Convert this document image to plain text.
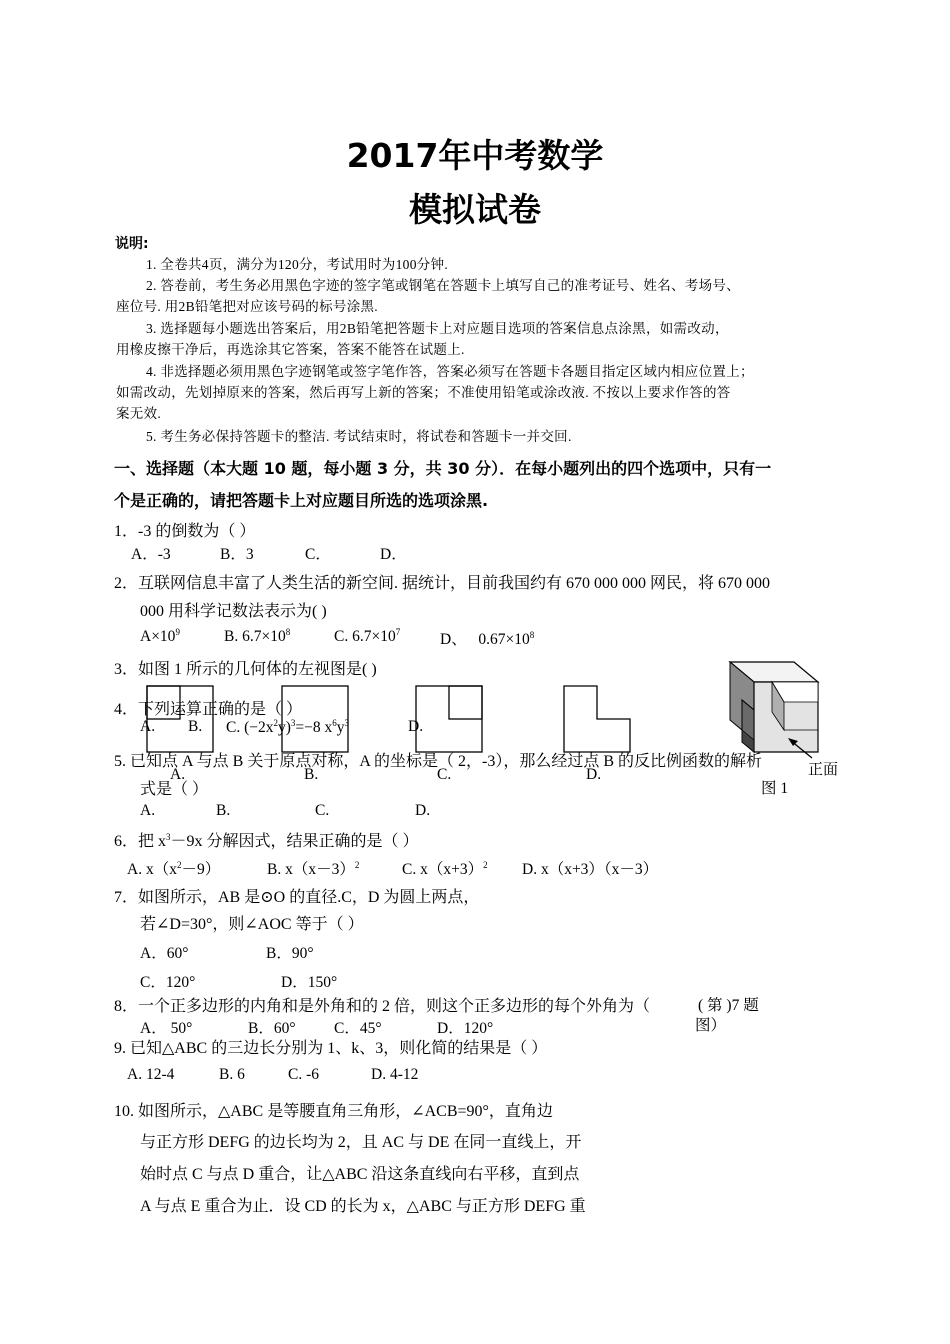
2017年中考数学
模拟试卷
说明:
1. 全卷共4页，满分为120分，考试用时为100分钟.
2. 答卷前，考生务必用黑色字迹的签字笔或钢笔在答题卡上填写自己的准考证号、姓名、考场号、
座位号. 用2B铅笔把对应该号码的标号涂黑.
3. 选择题每小题选出答案后，用2B铅笔把答题卡上对应题目选项的答案信息点涂黑，如需改动，
用橡皮擦干净后，再选涂其它答案，答案不能答在试题上.
4. 非选择题必须用黑色字迹钢笔或签字笔作答，答案必须写在答题卡各题目指定区域内相应位置上；
如需改动，先划掉原来的答案，然后再写上新的答案；不准使用铅笔或涂改液. 不按以上要求作答的答
案无效.
5. 考生务必保持答题卡的整洁. 考试结束时，将试卷和答题卡一并交回.
一、选择题（本大题 10 题，每小题 3 分，共 30 分）．在每小题列出的四个选项中，只有一
个是正确的，请把答题卡上对应题目所选的选项涂黑.
1．-3 的倒数为（ ）
A．-3	B．3	C．	D．
2．互联网信息丰富了人类生活的新空间. 据统计，目前我国约有 670 000 000 网民，将 670 000
000 用科学记数法表示为( )
$A\times 10^9$	B. $6.7\times 10^8$	C. $6.7\times 10^7$	D、 $0.67\times 10^8$
3．如图 1 所示的几何体的左视图是( )
正面
图 1
4．下列运算正确的是（ ）
A. B. C. $(-2x^2y)^3=-8$ $x^6y^3$	D.
5. 已知点 A 与点 B 关于原点对称，A 的坐标是（ 2，-3），那么经过点 B 的反比例函数的解析
A.	B.	C.	D.
式是（ ）
A.	B.	C.	D.
6．把 $x^3-9x$ 分解因式，结果正确的是（ ）
A. $x(x^2-9)$	B. $x(x-3)^2$	C. $x(x+3)^2$ D. x（x+3）（x－3）
7．如图所示，AB 是⊙O 的直径.C，D 为圆上两点，
若∠D=30°，则∠AOC 等于（ ）
A．60°	B．90°
C．120°	D．150°
8．一个正多边形的内角和是外角和的 2 倍，则这个正多边形的每个外角为（	( 第 )7 题
图）
A． 50°	B．60° C．45°	D．120°
9. 已知△ABC 的三边长分别为 1、k、3，则化简的结果是（ ）
A. 12-4	B. 6	C. -6	D. 4-12
10. 如图所示，△ABC 是等腰直角三角形，∠ACB=90°，直角边
与正方形 DEFG 的边长均为 2，且 AC 与 DE 在同一直线上，开
始时点 C 与点 D 重合，让△ABC 沿这条直线向右平移，直到点
A 与点 E 重合为止．设 CD 的长为 x，△ABC 与正方形 DEFG 重
